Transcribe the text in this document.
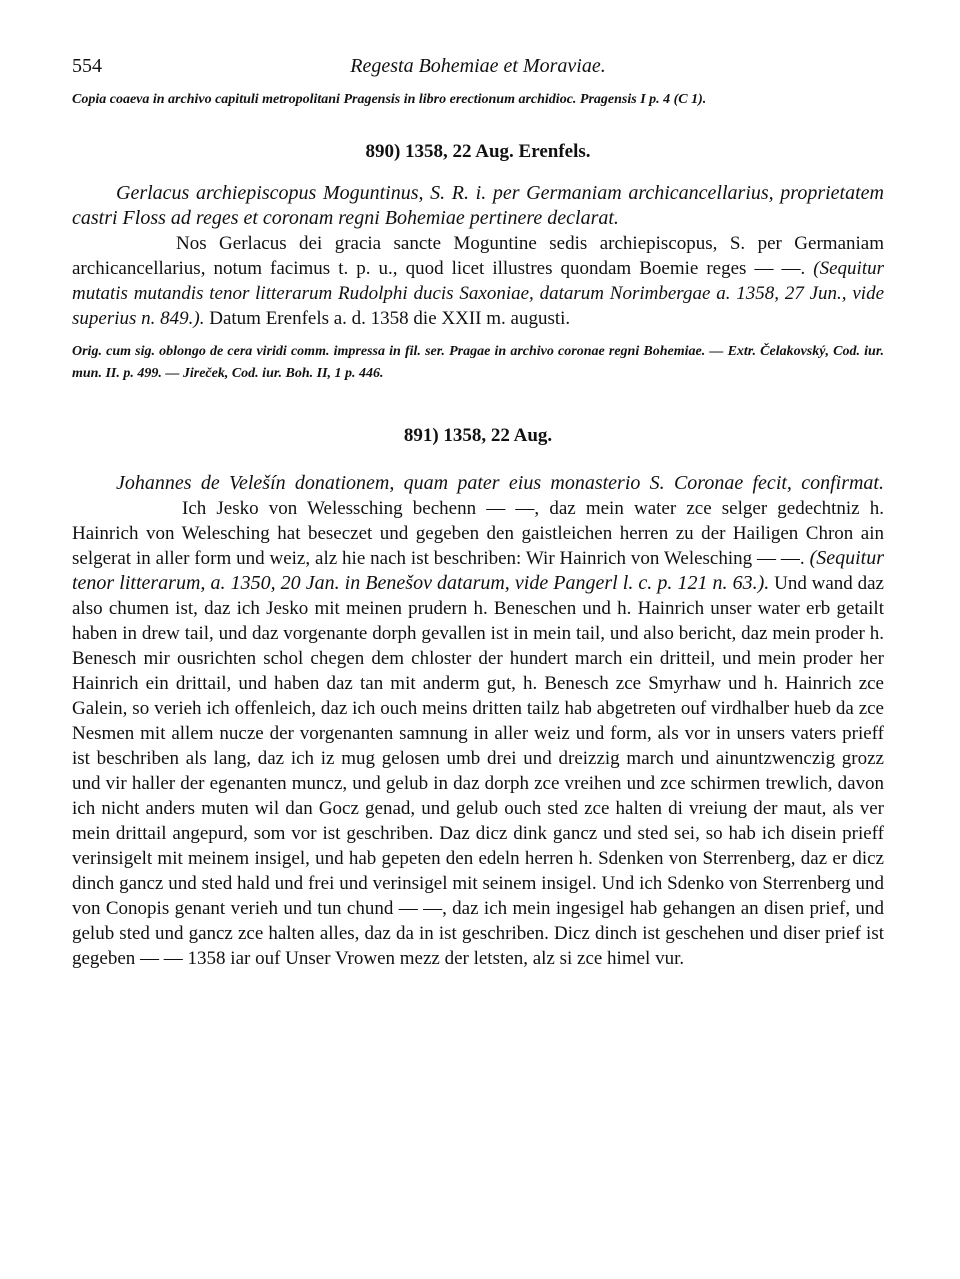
554	Regesta Bohemiae et Moraviae.
Copia coaeva in archivo capituli metropolitani Pragensis in libro erectionum archidioc. Pragensis I p. 4 (C 1).
890) 1358, 22 Aug. Erenfels.
Gerlacus archiepiscopus Moguntinus, S. R. i. per Germaniam archicancellarius, proprietatem castri Floss ad reges et coronam regni Bohemiae pertinere declarat.
Nos Gerlacus dei gracia sancte Moguntine sedis archiepiscopus, S. per Germaniam archicancellarius, notum facimus t. p. u., quod licet illustres quondam Boemie reges — —. (Sequitur mutatis mutandis tenor litterarum Rudolphi ducis Saxoniae, datarum Norimbergae a. 1358, 27 Jun., vide superius n. 849.). Datum Erenfels a. d. 1358 die XXII m. augusti.
Orig. cum sig. oblongo de cera viridi comm. impressa in fil. ser. Pragae in archivo coronae regni Bohemiae. — Extr. Čelakovský, Cod. iur. mun. II. p. 499. — Jireček, Cod. iur. Boh. II, 1 p. 446.
891) 1358, 22 Aug.
Johannes de Velešín donationem, quam pater eius monasterio S. Coronae fecit, confirmat.Ich Jesko von Welessching bechenn — —, daz mein water zce selger gedechtniz h. Hainrich von Welesching hat beseczet und gegeben den gaistleichen herren zu der Hailigen Chron ain selgerat in aller form und weiz, alz hie nach ist beschriben: Wir Hainrich von Welesching — —. (Sequitur tenor litterarum, a. 1350, 20 Jan. in Benešov datarum, vide Pangerl l. c. p. 121 n. 63.). Und wand daz also chumen ist, daz ich Jesko mit meinen prudern h. Beneschen und h. Hainrich unser water erb getailt haben in drew tail, und daz vorgenante dorph gevallen ist in mein tail, und also bericht, daz mein proder h. Benesch mir ousrichten schol chegen dem chloster der hundert march ein dritteil, und mein proder her Hainrich ein drittail, und haben daz tan mit anderm gut, h. Benesch zce Smyrhaw und h. Hainrich zce Galein, so verieh ich offenleich, daz ich ouch meins dritten tailz hab abgetreten ouf virdhalber hueb da zce Nesmen mit allem nucze der vorgenanten samnung in aller weiz und form, als vor in unsers vaters prieff ist beschriben als lang, daz ich iz mug gelosen umb drei und dreizzig march und ainuntzwenczig grozz und vir haller der egenanten muncz, und gelub in daz dorph zce vreihen und zce schirmen trewlich, davon ich nicht anders muten wil dan Gocz genad, und gelub ouch sted zce halten di vreiung der maut, als ver mein drittail angepurd, som vor ist geschriben. Daz dicz dink gancz und sted sei, so hab ich disein prieff verinsigelt mit meinem insigel, und hab gepeten den edeln herren h. Sdenken von Sterrenberg, daz er dicz dinch gancz und sted hald und frei und verinsigel mit seinem insigel. Und ich Sdenko von Sterrenberg und von Conopis genant verieh und tun chund — —, daz ich mein ingesigel hab gehangen an disen prief, und gelub sted und gancz zce halten alles, daz da in ist geschriben. Dicz dinch ist geschehen und diser prief ist gegeben — — 1358 iar ouf Unser Vrowen mezz der letsten, alz si zce himel vur.
